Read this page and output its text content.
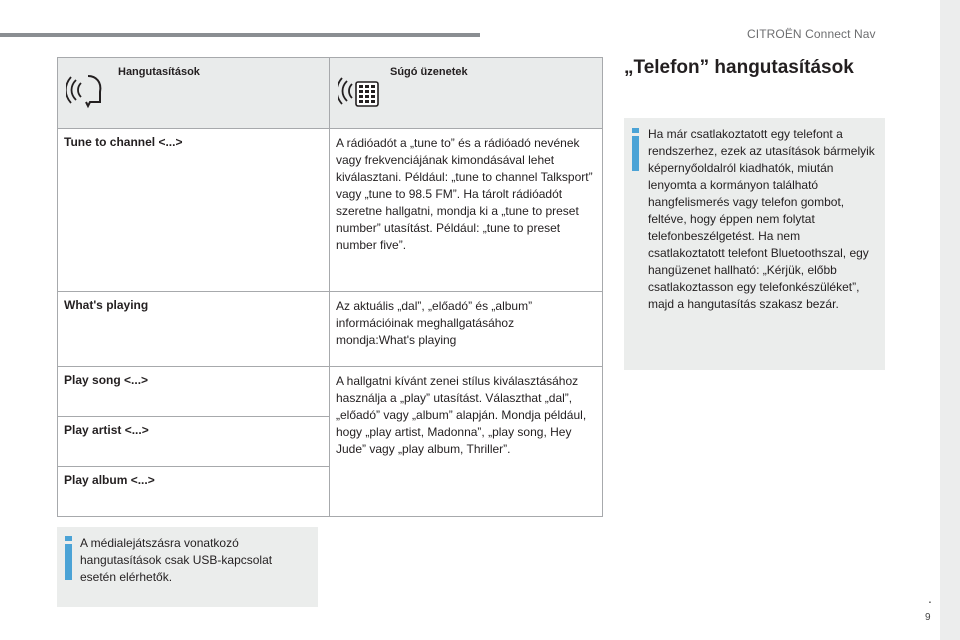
CITROËN Connect Nav
.
9
Hangutasítások	Súgó üzenetek

Tune to channel <...>	A rádióadót a „tune to” és a rádióadó nevének vagy frekvenciájának kimondásával lehet kiválasztani. Például: „tune to channel Talksport” vagy „tune to 98.5 FM”. Ha tárolt rádióadót szeretne hallgatni, mondja ki a „tune to preset number” utasítást. Például: „tune to preset number five”.
What's playing	Az aktuális „dal”, „előadó” és „album” információinak meghallgatásához mondja:What's playing
Play song <...>	A hallgatni kívánt zenei stílus kiválasztásához használja a „play” utasítást. Választhat „dal”, „előadó” vagy „album” alapján. Mondja például, hogy „play artist, Madonna”, „play song, Hey Jude” vagy „play album, Thriller”.
Play artist <...>	
Play album <...>	
A médialejátszásra vonatkozó hangutasítások csak USB-kapcsolat esetén elérhetők.
„Telefon” hangutasítások
Ha már csatlakoztatott egy telefont a rendszerhez, ezek az utasítások bármelyik képernyőoldalról kiadhatók, miután lenyomta a kormányon található hangfelismerés vagy telefon gombot, feltéve, hogy éppen nem folytat telefonbeszélgetést. Ha nem csatlakoztatott telefont Bluetoothszal, egy hangüzenet hallható: „Kérjük, előbb csatlakoztasson egy telefonkészüléket”, majd a hangutasítás szakasz bezár.
